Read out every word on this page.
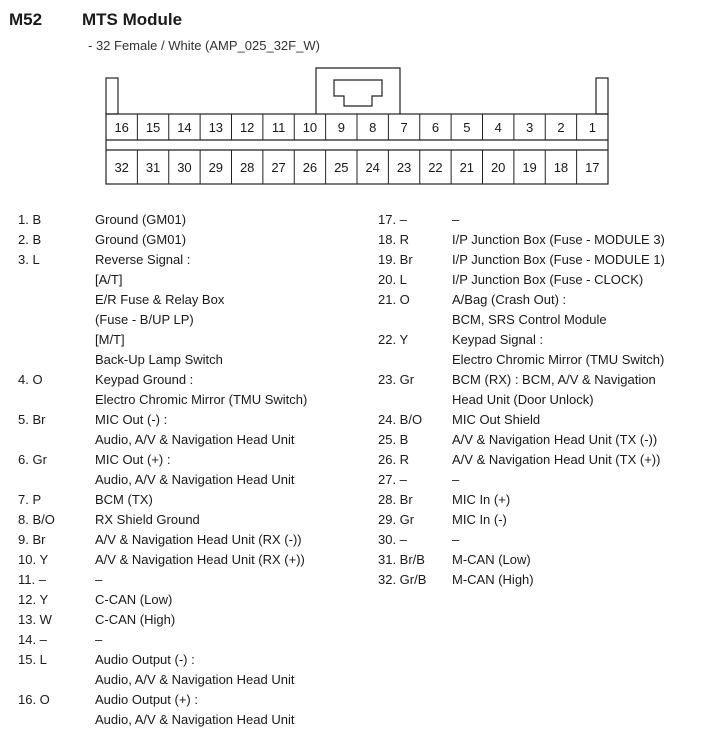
M52 MTS Module
- 32 Female / White (AMP_025_32F_W)
16 15 14 13 12 11 10 9 8 7 6 5 4 3 2 1
32 31 30 29 28 27 26 25 24 23 22 21 20 19 18 17
1. B	Ground (GM01)
2. B	Ground (GM01)
3. L	Reverse Signal :
[A/T]
E/R Fuse & Relay Box
(Fuse - B/UP LP)
[M/T]
Back-Up Lamp Switch
4. O	Keypad Ground :
Electro Chromic Mirror (TMU Switch)
5. Br	MIC Out (-) :
Audio, A/V & Navigation Head Unit
6. Gr	MIC Out (+) :
Audio, A/V & Navigation Head Unit
7. P	BCM (TX)
8. B/O	RX Shield Ground
9. Br	A/V & Navigation Head Unit (RX (-))
10. Y	A/V & Navigation Head Unit (RX (+))
11. –	–
12. Y	C-CAN (Low)
13. W	C-CAN (High)
14. –	–
15. L	Audio Output (-) :
Audio, A/V & Navigation Head Unit
16. O	Audio Output (+) :
Audio, A/V & Navigation Head Unit
17. –	–
18. R	I/P Junction Box (Fuse - MODULE 3)
19. Br	I/P Junction Box (Fuse - MODULE 1)
20. L	I/P Junction Box (Fuse - CLOCK)
21. O	A/Bag (Crash Out) :
BCM, SRS Control Module
22. Y	Keypad Signal :
Electro Chromic Mirror (TMU Switch)
23. Gr	BCM (RX) : BCM, A/V & Navigation
Head Unit (Door Unlock)
24. B/O MIC Out Shield
25. B	A/V & Navigation Head Unit (TX (-))
26. R	A/V & Navigation Head Unit (TX (+))
27. –	–
28. Br	MIC In (+)
29. Gr	MIC In (-)
30. –	–
31. Br/B M-CAN (Low)
32. Gr/B M-CAN (High)
